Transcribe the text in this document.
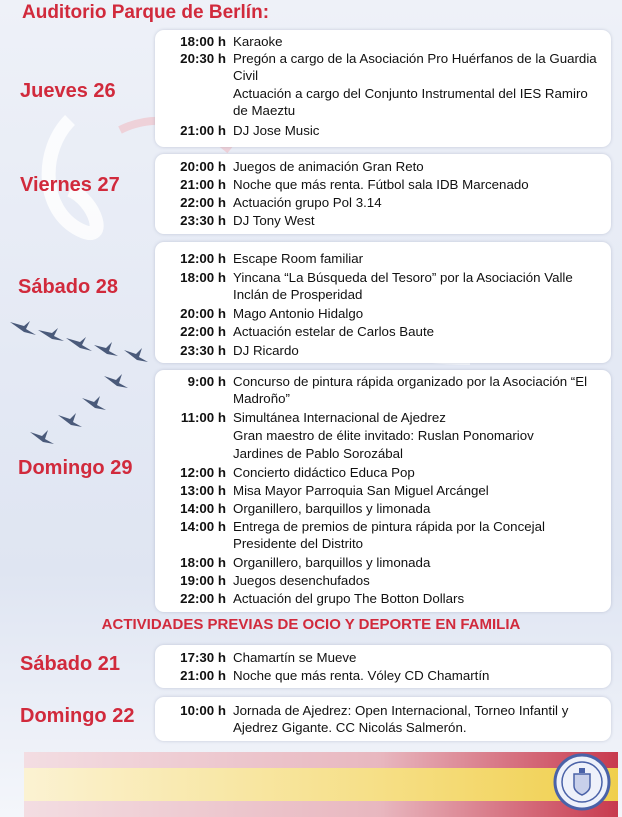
Auditorio Parque de Berlín:
Jueves 26
18:00 h Karaoke
20:30 h Pregón a cargo de la Asociación Pro Huérfanos de la Guardia Civil
Actuación a cargo del Conjunto Instrumental del IES Ramiro de Maeztu
21:00 h DJ Jose Music
Viernes 27
20:00 h Juegos de animación Gran Reto
21:00 h Noche que más renta. Fútbol sala IDB Marcenado
22:00 h Actuación grupo Pol 3.14
23:30 h DJ Tony West
Sábado 28
12:00 h Escape Room familiar
18:00 h Yincana “La Búsqueda del Tesoro” por la Asociación Valle Inclán de Prosperidad
20:00 h Mago Antonio Hidalgo
22:00 h Actuación estelar de Carlos Baute
23:30 h DJ Ricardo
Domingo 29
9:00 h Concurso de pintura rápida organizado por la Asociación “El Madroño”
11:00 h Simultánea Internacional de Ajedrez
Gran maestro de élite invitado: Ruslan Ponomariov
Jardines de Pablo Sorozábal
12:00 h Concierto didáctico Educa Pop
13:00 h Misa Mayor Parroquia San Miguel Arcángel
14:00 h Organillero, barquillos y limonada
14:00 h Entrega de premios de pintura rápida por la Concejal Presidente del Distrito
18:00 h Organillero, barquillos y limonada
19:00 h Juegos desenchufados
22:00 h Actuación del grupo The Botton Dollars
ACTIVIDADES PREVIAS DE OCIO Y DEPORTE EN FAMILIA
Sábado 21	17:30 h Chamartín se Mueve
21:00 h Noche que más renta. Vóley CD Chamartín
Domingo 22	10:00 h Jornada de Ajedrez: Open Internacional, Torneo Infantil y Ajedrez Gigante. CC Nicolás Salmerón.
